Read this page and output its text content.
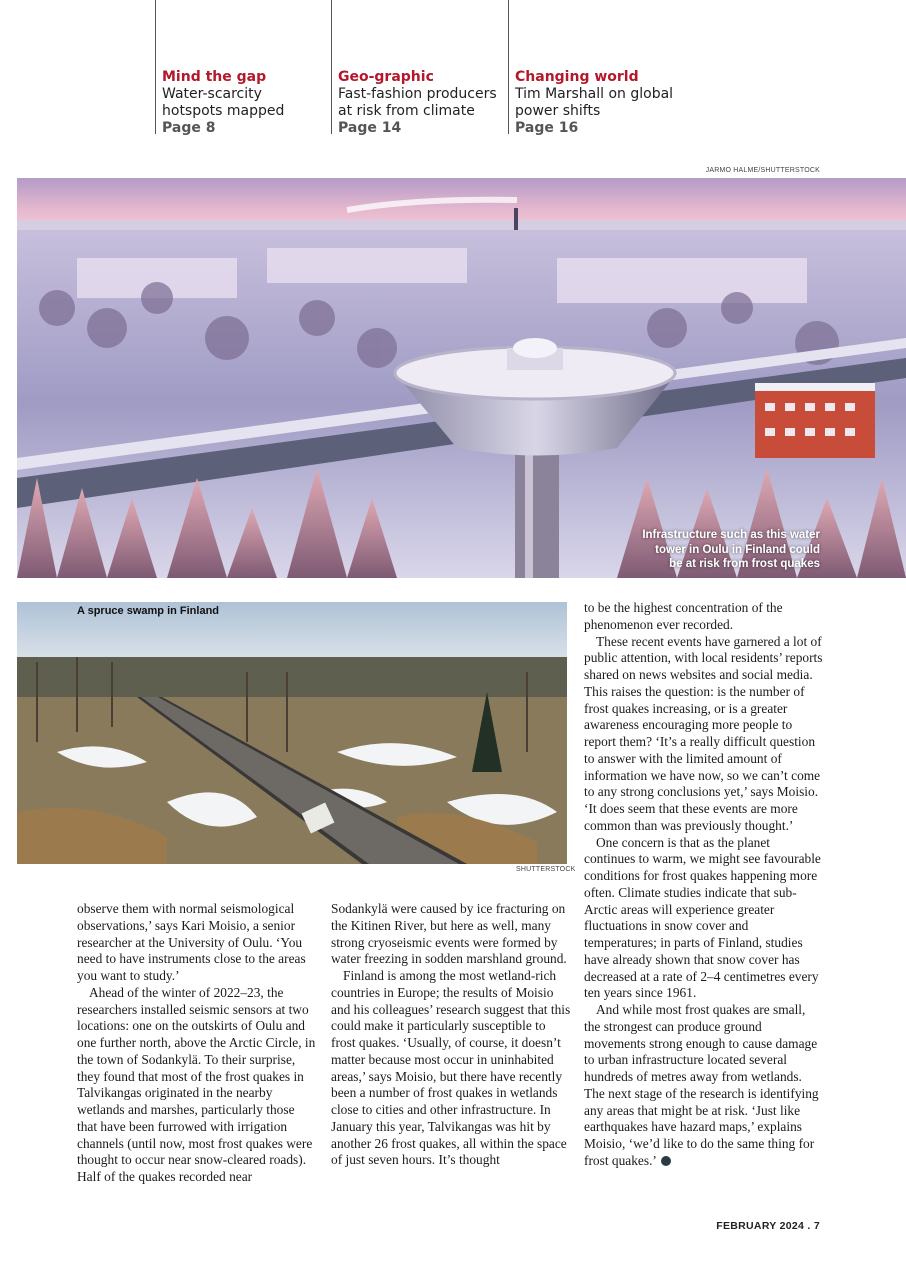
Mind the gap
Water-scarcity
hotspots mapped
Page 8
Geo-graphic
Fast-fashion producers
at risk from climate
Page 14
Changing world
Tim Marshall on global
power shifts
Page 16
JARMO HALME/SHUTTERSTOCK
Infrastructure such as this water
tower in Oulu in Finland could
be at risk from frost quakes
A spruce swamp in Finland
SHUTTERSTOCK

observe them with normal seismological observations,’ says Kari Moisio, a senior researcher at the University of Oulu. ‘You need to have instruments close to the areas you want to study.’

Ahead of the winter of 2022–23, the researchers installed seismic sensors at two locations: one on the outskirts of Oulu and one further north, above the Arctic Circle, in the town of Sodankylä. To their surprise, they found that most of the frost quakes in Talvikangas originated in the nearby wetlands and marshes, particularly those that have been furrowed with irrigation channels (until now, most frost quakes were thought to occur near snow-cleared roads). Half of the quakes recorded near

Sodankylä were caused by ice fracturing on the Kitinen River, but here as well, many strong cryoseismic events were formed by water freezing in sodden marshland ground.

Finland is among the most wetland-rich countries in Europe; the results of Moisio and his colleagues’ research suggest that this could make it particularly susceptible to frost quakes. ‘Usually, of course, it doesn’t matter because most occur in uninhabited areas,’ says Moisio, but there have recently been a number of frost quakes in wetlands close to cities and other infrastructure. In January this year, Talvikangas was hit by another 26 frost quakes, all within the space of just seven hours. It’s thought

to be the highest concentration of the phenomenon ever recorded.

These recent events have garnered a lot of public attention, with local residents’ reports shared on news websites and social media. This raises the question: is the number of frost quakes increasing, or is a greater awareness encouraging more people to report them? ‘It’s a really difficult question to answer with the limited amount of information we have now, so we can’t come to any strong conclusions yet,’ says Moisio. ‘It does seem that these events are more common than was previously thought.’

One concern is that as the planet continues to warm, we might see favourable conditions for frost quakes happening more often. Climate studies indicate that sub-Arctic areas will experience greater fluctuations in snow cover and temperatures; in parts of Finland, studies have already shown that snow cover has decreased at a rate of 2–4 centimetres every ten years since 1961.

And while most frost quakes are small, the strongest can produce ground movements strong enough to cause damage to urban infrastructure located several hundreds of metres away from wetlands. The next stage of the research is identifying any areas that might be at risk. ‘Just like earthquakes have hazard maps,’ explains Moisio, ‘we’d like to do the same thing for frost quakes.’

FEBRUARY 2024 . 7
